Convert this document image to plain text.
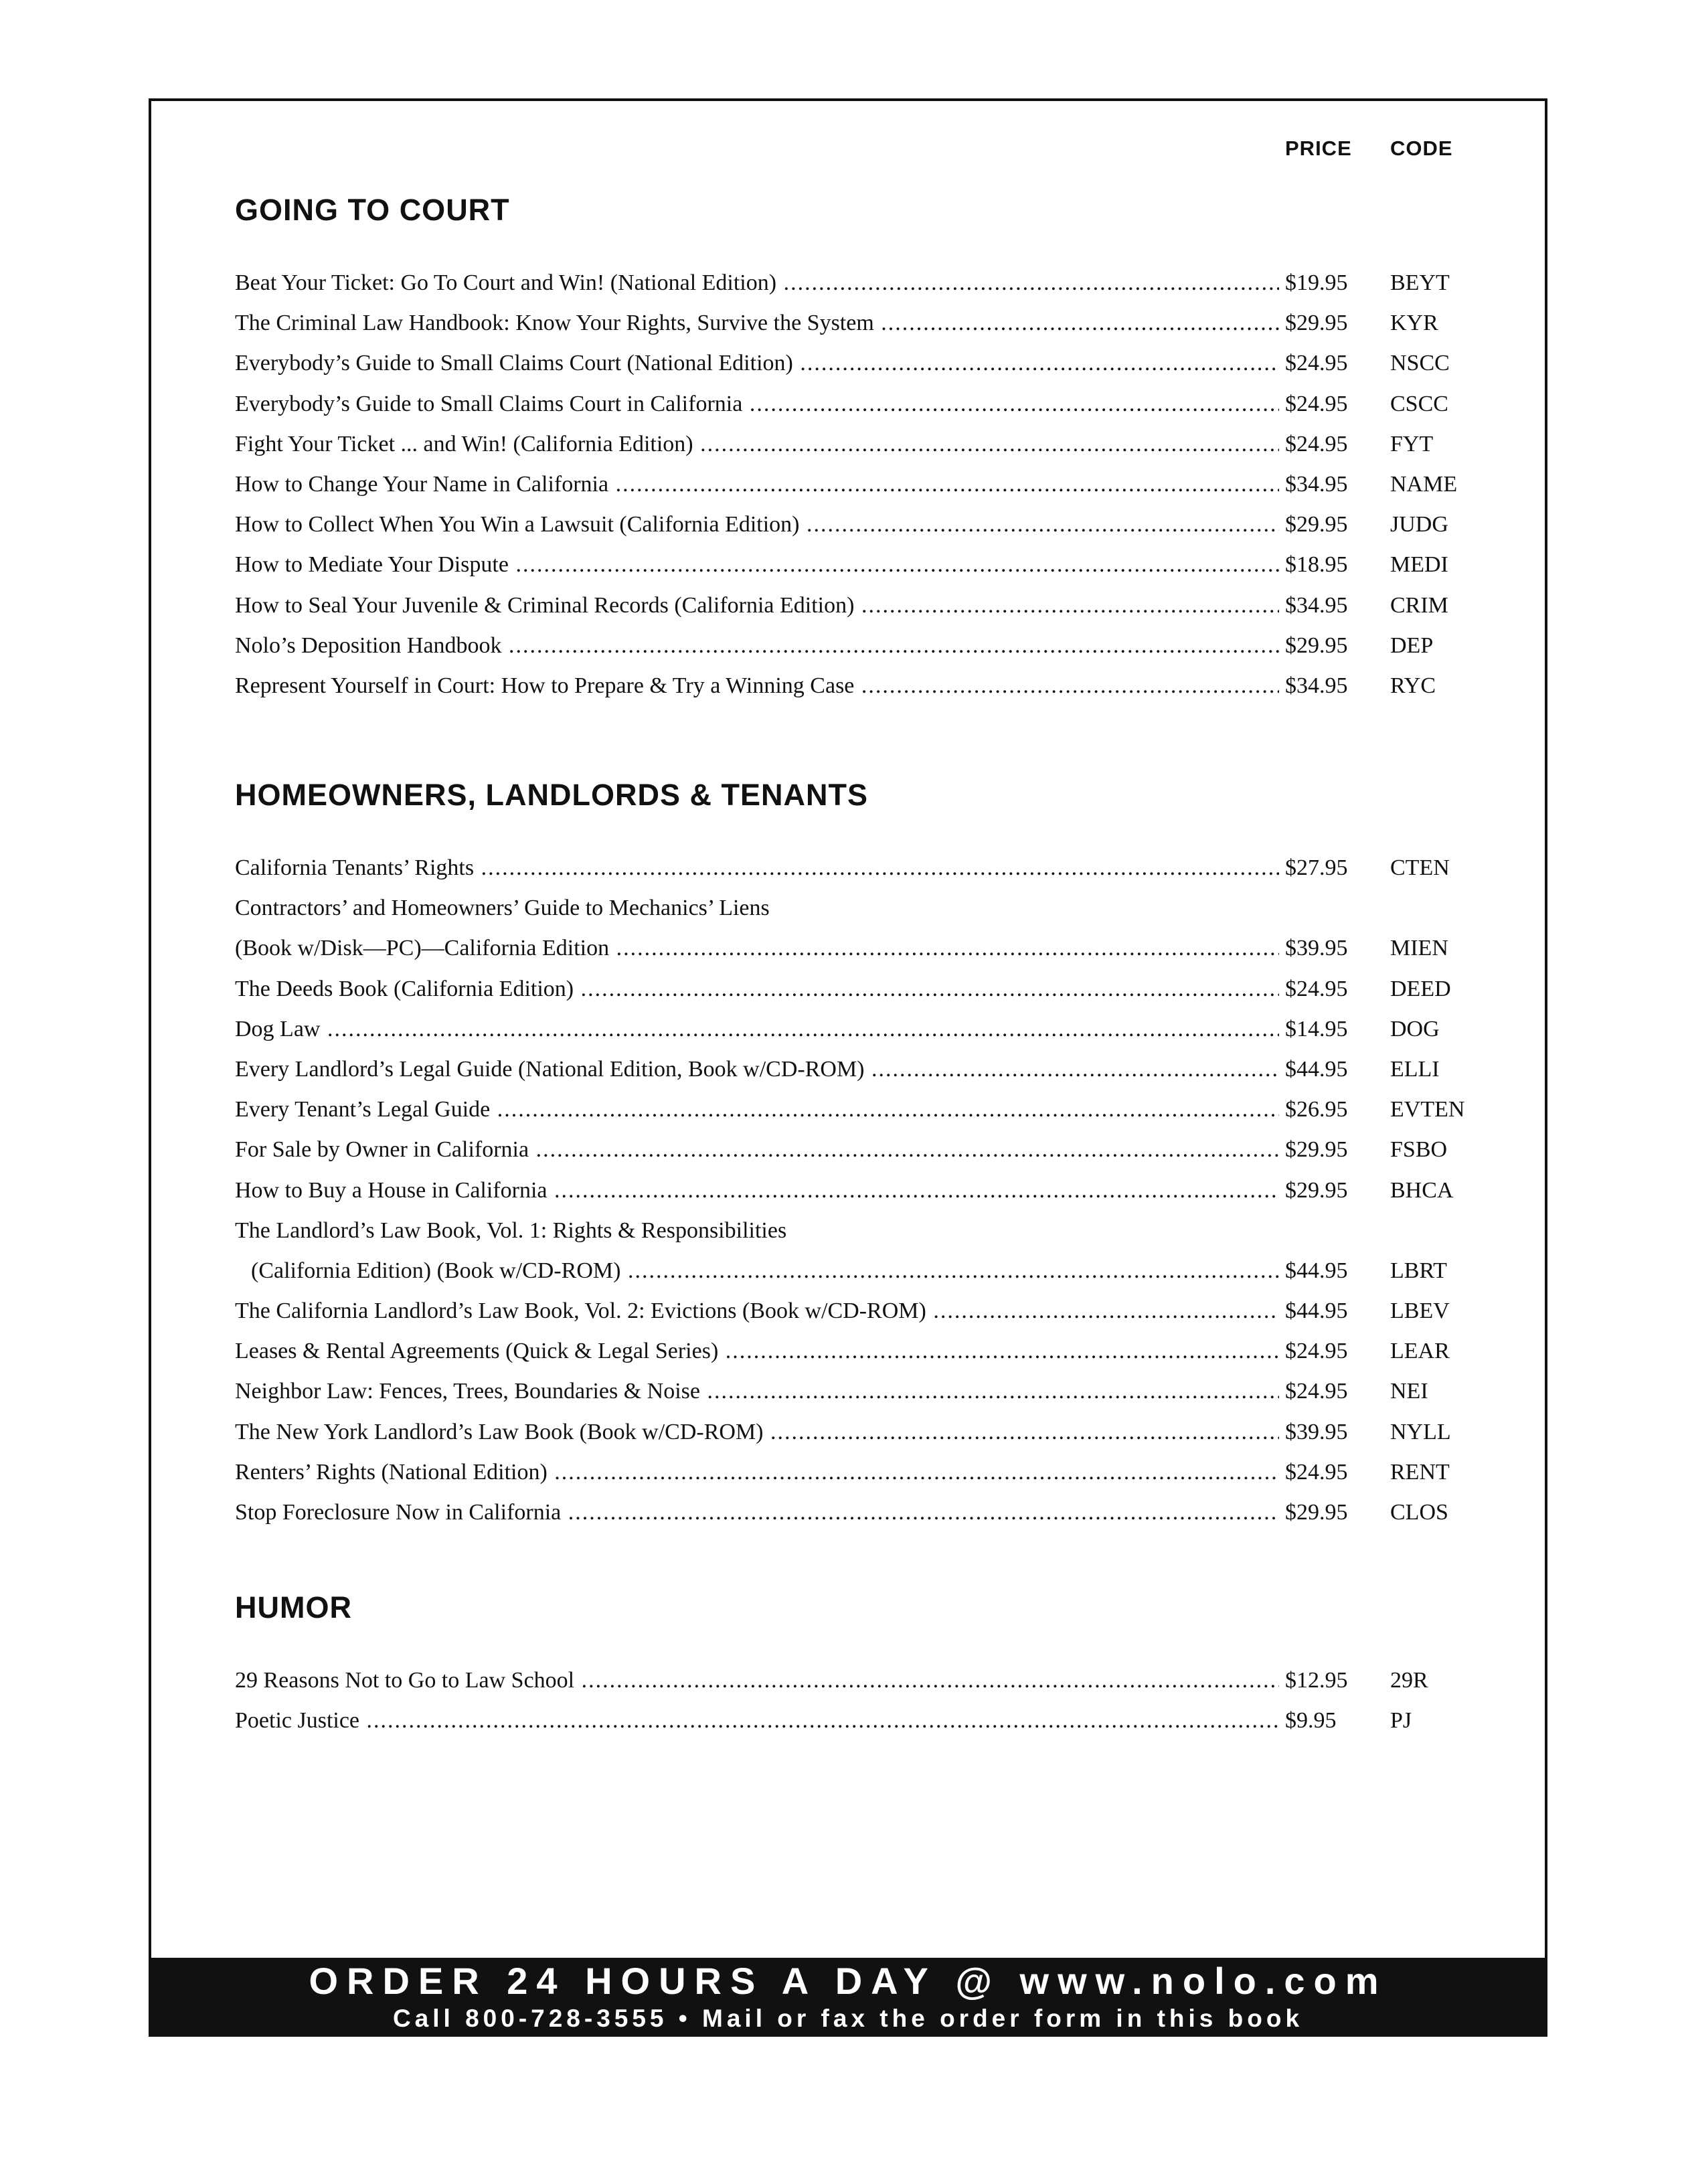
PRICE CODE
GOING TO COURT
Beat Your Ticket: Go To Court and Win! (National Edition) .....	$19.95 BEYT
The Criminal Law Handbook: Know Your Rights, Survive the System .....	$29.95 KYR
Everybody’s Guide to Small Claims Court (National Edition) .....	$24.95 NSCC
Everybody’s Guide to Small Claims Court in California .....	$24.95 CSCC
Fight Your Ticket ... and Win! (California Edition) .....	$24.95 FYT
How to Change Your Name in California .....	$34.95 NAME
How to Collect When You Win a Lawsuit (California Edition) .....	$29.95 JUDG
How to Mediate Your Dispute .....	$18.95 MEDI
How to Seal Your Juvenile & Criminal Records (California Edition) .....	$34.95 CRIM
Nolo’s Deposition Handbook .....	$29.95 DEP
Represent Yourself in Court: How to Prepare & Try a Winning Case .....	$34.95 RYC
HOMEOWNERS, LANDLORDS & TENANTS
California Tenants’ Rights .....	$27.95 CTEN
Contractors’ and Homeowners’ Guide to Mechanics’ Liens
(Book w/Disk—PC)—California Edition .....	$39.95 MIEN
The Deeds Book (California Edition) .....	$24.95 DEED
Dog Law .....	$14.95 DOG
Every Landlord’s Legal Guide (National Edition, Book w/CD-ROM) .....	$44.95 ELLI
Every Tenant’s Legal Guide .....	$26.95 EVTEN
For Sale by Owner in California .....	$29.95 FSBO
How to Buy a House in California .....	$29.95 BHCA
The Landlord’s Law Book, Vol. 1: Rights & Responsibilities
(California Edition) (Book w/CD-ROM) .....	$44.95 LBRT
The California Landlord’s Law Book, Vol. 2: Evictions (Book w/CD-ROM) .....	$44.95 LBEV
Leases & Rental Agreements (Quick & Legal Series) .....	$24.95 LEAR
Neighbor Law: Fences, Trees, Boundaries & Noise .....	$24.95 NEI
The New York Landlord’s Law Book (Book w/CD-ROM) .....	$39.95 NYLL
Renters’ Rights (National Edition) .....	$24.95 RENT
Stop Foreclosure Now in California .....	$29.95 CLOS
HUMOR
29 Reasons Not to Go to Law School .....	$12.95 29R
Poetic Justice .....	$9.95 PJ
ORDER 24 HOURS A DAY @ www.nolo.com
Call 800-728-3555 • Mail or fax the order form in this book
